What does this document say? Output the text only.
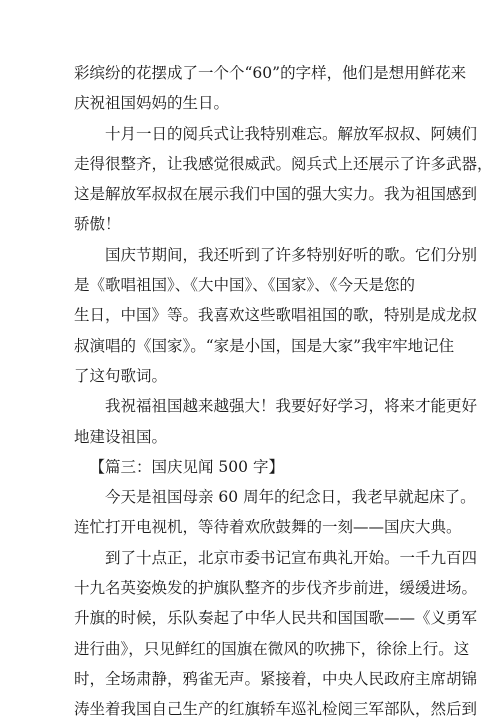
彩缤纷的花摆成了一个个“60”的字样，他们是想用鲜花来
庆祝祖国妈妈的生日。
十月一日的阅兵式让我特别难忘。解放军叔叔、阿姨们
走得很整齐，让我感觉很威武。阅兵式上还展示了许多武器，
这是解放军叔叔在展示我们中国的强大实力。我为祖国感到
骄傲！
国庆节期间，我还听到了许多特别好听的歌。它们分别
是《歌唱祖国》、《大中国》、《国家》、《今天是您的
生日，中国》等。我喜欢这些歌唱祖国的歌，特别是成龙叔
叔演唱的《国家》。“家是小国，国是大家”我牢牢地记住
了这句歌词。
我祝福祖国越来越强大！我要好好学习，将来才能更好
地建设祖国。
【篇三：国庆见闻 500 字】
今天是祖国母亲 60 周年的纪念日，我老早就起床了。
连忙打开电视机，等待着欢欣鼓舞的一刻——国庆大典。
到了十点正，北京市委书记宣布典礼开始。一千九百四
十九名英姿焕发的护旗队整齐的步伐齐步前进，缓缓进场。
升旗的时候，乐队奏起了中华人民共和国国歌——《义勇军
进行曲》，只见鲜红的国旗在微风的吹拂下，徐徐上行。这
时，全场肃静，鸦雀无声。紧接着，中央人民政府主席胡锦
涛坐着我国自己生产的红旗轿车巡礼检阅三军部队，然后到
